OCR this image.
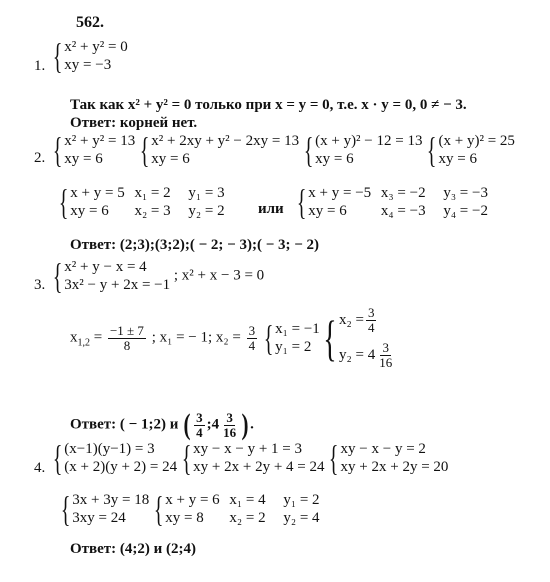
562.
1. { x² + y² = 0
xy = −3
Так как x² + y² = 0 только при x = y = 0, т.е. x · y = 0, 0 ≠ − 3.
Ответ: корней нет.
2. { x² + y² = 13
xy = 6
	{ x² + 2xy + y² − 2xy = 13
xy = 6
	{ (x + y)² − 12 = 13
xy = 6
	{ (x + y)² = 25
xy = 6
{ x + y = 5
xy = 6

x₁ = 2
x₂ = 3

y₁ = 3
y₂ = 2 или { x + y = −5
xy = 6

x₃ = −2
x₄ = −3

y₃ = −3
y₄ = −2
Ответ: (2;3);(3;2);( − 2; − 3);( − 3; − 2)
3. { x² + y − x = 4
3x² − y + 2x = −1
; x² + x − 3 = 0
$x_{1,2} = \frac{-1 \pm 7}{8}$ ; x₁ = − 1; $x_2 = \frac{3}{4}$
{ x₁ = −1
y₁ = 2 { $x_2 = \frac{3}{4}$
$y_2 = 4 \frac{3}{16}$
Ответ: ( − 1;2) и ( $\frac{3}{4}$ ;4 $\frac{3}{16}$ ) .
4. { (x−1)(y−1) = 3
(x + 2)(y + 2) = 24
{ xy − x − y + 1 = 3
xy + 2x + 2y + 4 = 24
{ xy − x − y = 2
xy + 2x + 2y = 20
{ 3x + 3y = 18
3xy = 24
{ x + y = 6
xy = 8

x₁ = 4
x₂ = 2

y₁ = 2
y₂ = 4
Ответ: (4;2) и (2;4)
